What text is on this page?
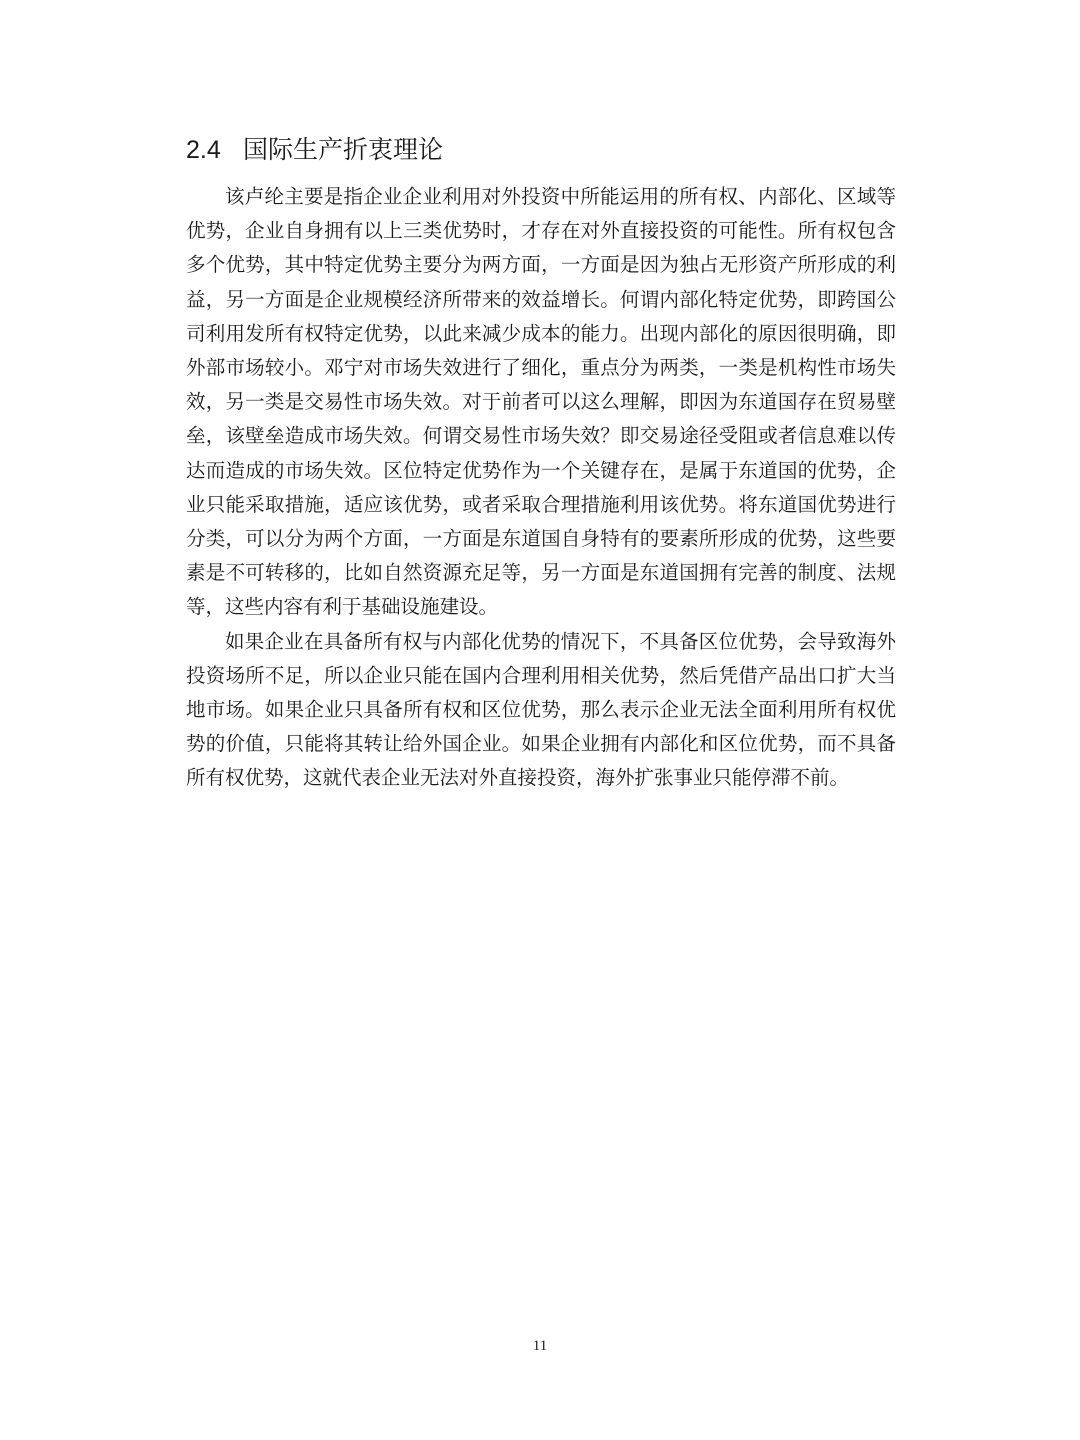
2.4 国际生产折衷理论

该卢纶主要是指企业企业利用对外投资中所能运用的所有权、内部化、区域等优势，企业自身拥有以上三类优势时，才存在对外直接投资的可能性。所有权包含多个优势，其中特定优势主要分为两方面，一方面是因为独占无形资产所形成的利益，另一方面是企业规模经济所带来的效益增长。何谓内部化特定优势，即跨国公司利用发所有权特定优势，以此来减少成本的能力。出现内部化的原因很明确，即外部市场较小。邓宁对市场失效进行了细化，重点分为两类，一类是机构性市场失效，另一类是交易性市场失效。对于前者可以这么理解，即因为东道国存在贸易壁垒，该壁垒造成市场失效。何谓交易性市场失效？即交易途径受阻或者信息难以传达而造成的市场失效。区位特定优势作为一个关键存在，是属于东道国的优势，企业只能采取措施，适应该优势，或者采取合理措施利用该优势。将东道国优势进行分类，可以分为两个方面，一方面是东道国自身特有的要素所形成的优势，这些要素是不可转移的，比如自然资源充足等，另一方面是东道国拥有完善的制度、法规等，这些内容有利于基础设施建设。

如果企业在具备所有权与内部化优势的情况下，不具备区位优势，会导致海外投资场所不足，所以企业只能在国内合理利用相关优势，然后凭借产品出口扩大当地市场。如果企业只具备所有权和区位优势，那么表示企业无法全面利用所有权优势的价值，只能将其转让给外国企业。如果企业拥有内部化和区位优势，而不具备所有权优势，这就代表企业无法对外直接投资，海外扩张事业只能停滞不前。

11
